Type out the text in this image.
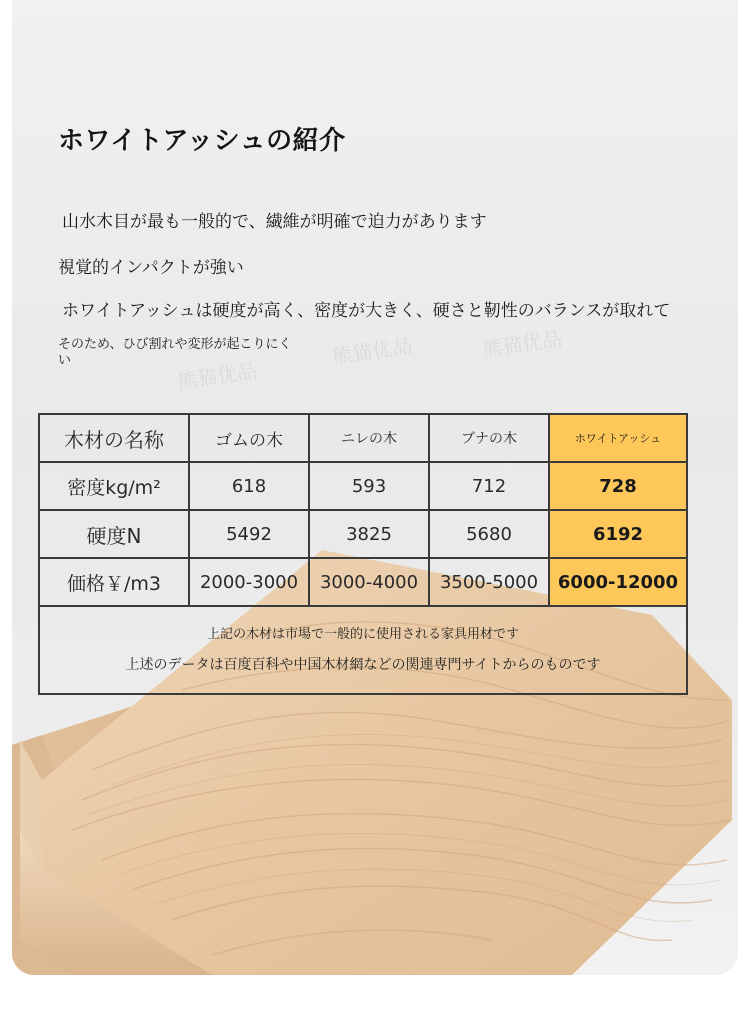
熊猫优品
熊猫优品	熊猫优品
ホワイトアッシュの紹介
山水木目が最も一般的で、繊維が明確で迫力があります
視覚的インパクトが強い
ホワイトアッシュは硬度が高く、密度が大きく、硬さと靭性のバランスが取れて
そのため、ひび割れや変形が起こりにくい
木材の名称	ゴムの木	ニレの木	ブナの木	ホワイトアッシュ
密度kg/m²	618	593	712	728
硬度N	5492	3825	5680	6192
価格￥/m3	2000-3000	3000-4000	3500-5000	6000-12000

上記の木材は市場で一般的に使用される家具用材です
上述のデータは百度百科や中国木材網などの関連専門サイトからのものです				
